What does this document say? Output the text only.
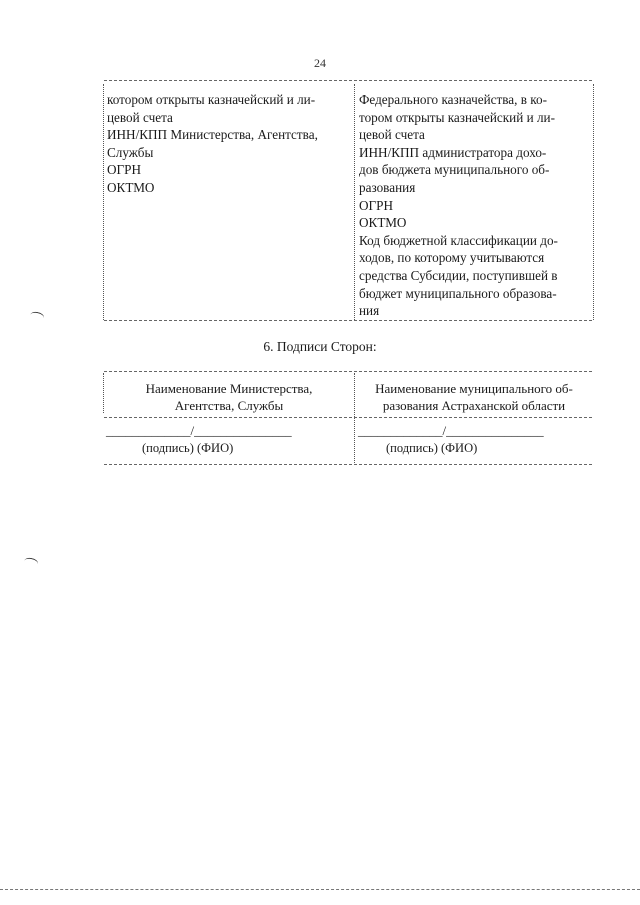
24
котором открыты казначейский и ли-
цевой счета
ИНН/КПП Министерства, Агентства,
Службы
ОГРН
ОКТМО
Федерального казначейства, в ко-
тором открыты казначейский и ли-
цевой счета
ИНН/КПП администратора дохо-
дов бюджета муниципального об-
разования
ОГРН
ОКТМО
Код бюджетной классификации до-
ходов, по которому учитываются
средства Субсидии, поступившей в
бюджет муниципального образова-
ния
6. Подписи Сторон:
Наименование Министерства,
Агентства, Службы
Наименование муниципального об-
разования Астраханской области
_____________/_______________	_____________/_______________
(подпись) (ФИО)	(подпись) (ФИО)
